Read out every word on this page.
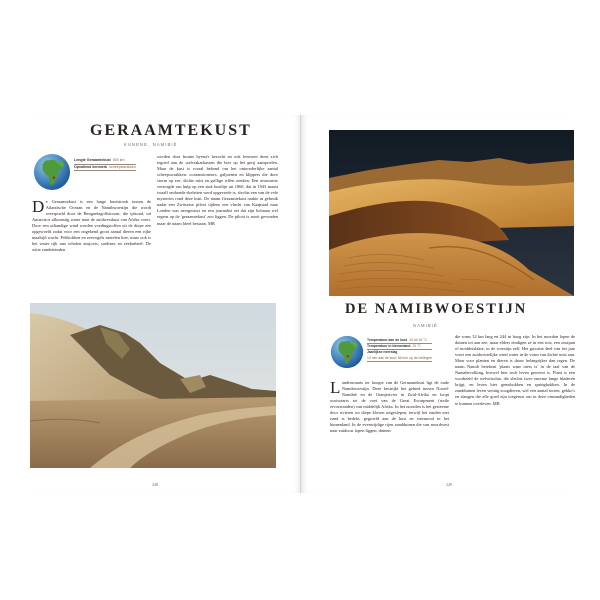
GERAAMTEKUST
KUNENE, NAMIBIË
Lengte Geraamtekust 500 km
Opvallend kenmerk scheepswrakken

De Geraamtekust is een lange kuststrook tussen de Atlantische Oceaan en de Namibwoestijn die wordt overspoeld door de Benguelagolfstroom, die ijskoud, uit Antarctica afkomstig water naar de zuidwestkust van Afrika voert. Door een uiltandige wind worden voedingstoffen uit de diepe zee opgewoeld zodat voor een ongekend groot aantal dieren een rijke maaltijd wacht. Pelikobben en zeevogels nestelen hier, maar ook is het water rijk aan scholen ansjovis, sardines en zeebarbeel. De witte zandstranden

worden door bruine hyena's bezocht en ook leeuwen doen zich tegoed aan de walvrakarkassen die hier op het gerij aanspoelen. Maar de kust is rooral bekend om het ontoorderlijke aantal scheepswrakken: oceaanstormers, galjoenen en klippers die door storm op zee, dichte mist en grillige riffen zonken. Een avonturier verzorgde om hulp op een stuk kustlijn uit 1860, dat in 1943 maast twaalf ontbonde skeletten werd opgevrede is, slechts een van de vele mysteries rond deze kust. De naam Geraamtekust raakte in gebruik nadat een Zwitserse piloot tijdens een vlucht van Kaapstad naar Londen was neergestort en een journalist zei dat zijn lichaam wel ergens op de 'geraamtekust' zou liggen. De piloot is nooit gevonden maar de naam bleef bestaan. MB

248
DE NAMIBWOESTIJN
NAMIBIË
Temperatuur aan de kust 10 tot 16 °C
Temperatuur in binnenland 31 °C
Jaarlijkse neerslag
13 mm aan de kust; 56 mm op de hellingen

Landinwaarts ter hoogte van de Geraamtekust ligt de oude Namibwoestijn. Deze bestrijkt het gebied tussen Noord-Namibië en de Oranjerivier in Zuid-Afrika en loopt oostwaarts tot de voet van de Great Escarpment (steile ervoerranden) van middelijk Afrika. In het noorden is het gesteente door rivieren tot diepe kloven uitgeslepen, terwijl het zuiden met zand is bedekt, gegroefd aan de kust en steenrood in het binnenland. In de evenwijdige rijen zandduinen die van noordwest naar zuidoost lopen liggen, duinen

die soms 32 km lang en 244 m hoog zijn. In het noorden lopen de duinen tot aan zee, maar elders eindigen ze in een rots, een zoutpan of modderslakte, in de woestijn zelf. Het grootste deel van het jaar voert een zuidwestelijke wind water in de vorm van dichte mist aan. Maar voor planten en dieren is dauw belangrijker dan regen. De naam Namib betekent 'plaats waar niets is' in de taal van de Namabevolking, hoewel hier toch leven geweest is. Plant is een voorbeeld de welwitschia, die slechts twee enorme lange bladeren krijgt, en leven hier gemsbokken en springbokken. In de zandduinen leven weinig zoogdieren, wel een aantal torren, gekko's en slangen die alle goed zijn toegerust om in deze onstandigheden te kunnen overleven. MB

249
